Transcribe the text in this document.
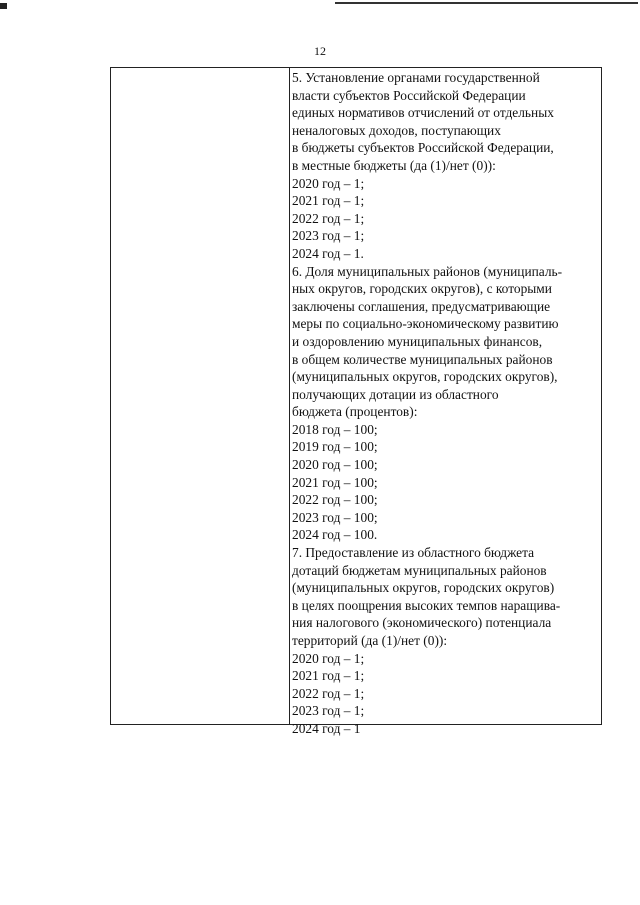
12
5. Установление органами государственной
власти субъектов Российской Федерации
единых нормативов отчислений от отдельных
неналоговых доходов, поступающих
в бюджеты субъектов Российской Федерации,
в местные бюджеты (да (1)/нет (0)):
2020 год – 1;
2021 год – 1;
2022 год – 1;
2023 год – 1;
2024 год – 1.
6. Доля муниципальных районов (муниципаль-
ных округов, городских округов), с которыми
заключены соглашения, предусматривающие
меры по социально-экономическому развитию
и оздоровлению муниципальных финансов,
в общем количестве муниципальных районов
(муниципальных округов, городских округов),
получающих дотации из областного
бюджета (процентов):
2018 год – 100;
2019 год – 100;
2020 год – 100;
2021 год – 100;
2022 год – 100;
2023 год – 100;
2024 год – 100.
7. Предоставление из областного бюджета
дотаций бюджетам муниципальных районов
(муниципальных округов, городских округов)
в целях поощрения высоких темпов наращива-
ния налогового (экономического) потенциала
территорий (да (1)/нет (0)):
2020 год – 1;
2021 год – 1;
2022 год – 1;
2023 год – 1;
2024 год – 1
